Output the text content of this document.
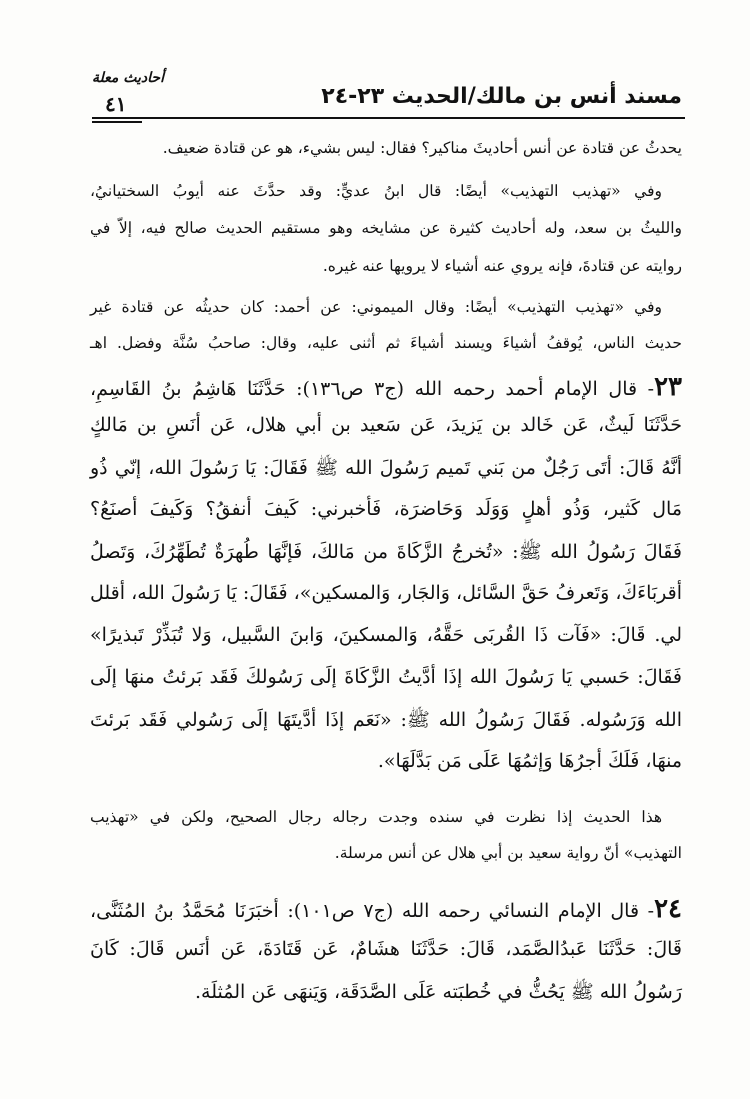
أحاديث معلة
٤١	مسند أنس بن مالك/الحديث ٢٣-٢٤
يحدثُ عن قتادة عن أنس أحاديثَ مناكير؟ فقال: ليس بشيء، هو عن قتادة ضعيف.
وفي «تهذيب التهذيب» أيضًا: قال ابنُ عديٍّ: وقد حدَّثَ عنه أيوبُ السختيانيُ،
والليثُ بن سعد، وله أحاديث كثيرة عن مشايخه وهو مستقيم الحديث صالح فيه، إلاّ في
روايته عن قتادةَ، فإنه يروي عنه أشياء لا يرويها عنه غيره.
وفي «تهذيب التهذيب» أيضًا: وقال الميموني: عن أحمد: كان حديثُه عن قتادة غير
حديث الناس، يُوقفُ أشياءَ ويسند أشياءَ ثم أثنى عليه، وقال: صاحبُ سُنَّة وفضل. اهـ
٢٣- قال الإمام أحمد رحمه الله (ج٣ ص١٣٦): حَدَّثَنَا هَاشِمُ بنُ القَاسِمِ،
حَدَّثَنَا لَيثٌ، عَن خَالد بن يَزيدَ، عَن سَعيد بن أبي هلال، عَن أنَسِ بن مَالكٍ
أنَّهُ قَالَ: أتَى رَجُلٌ من بَني تَميم رَسُولَ الله ﷺ فَقَالَ: يَا رَسُولَ الله، إنّي ذُو
مَال كَثير، وَذُو أهلٍ وَوَلَد وَحَاضرَة، فَأخبرني: كَيفَ أنفقُ؟ وَكَيفَ أصنَعُ؟
فَقَالَ رَسُولُ الله ﷺ: «تُخرجُ الزَّكَاةَ من مَالكَ، فَإنَّهَا طُهرَةٌ تُطَهِّرُكَ، وَتَصلُ
أقربَاءَكَ، وَتَعرفُ حَقَّ السَّائل، وَالجَار، وَالمسكين»، فَقَالَ: يَا رَسُولَ الله، أقلل
لي. قَالَ: «فَآت ذَا القُربَى حَقَّهُ، وَالمسكينَ، وَابنَ السَّبيل، وَلا تُبَذِّرْ تَبذيرًا»
فَقَالَ: حَسبي يَا رَسُولَ الله إذَا أدَّيتُ الزَّكَاةَ إلَى رَسُولكَ فَقَد بَرئتُ منهَا إلَى
الله وَرَسُوله. فَقَالَ رَسُولُ الله ﷺ: «نَعَم إذَا أدَّيتَهَا إلَى رَسُولي فَقَد بَرئتَ
منهَا، فَلَكَ أجرُهَا وَإثمُهَا عَلَى مَن بَدَّلَهَا».
هذا الحديث إذا نظرت في سنده وجدت رجاله رجال الصحيح، ولكن في «تهذيب
التهذيب» أنّ رواية سعيد بن أبي هلال عن أنس مرسلة.
٢٤- قال الإمام النسائي رحمه الله (ج٧ ص١٠١): أخبَرَنَا مُحَمَّدُ بنُ المُثَنَّى،
قَالَ: حَدَّثَنَا عَبدُالصَّمَد، قَالَ: حَدَّثَنَا هشَامٌ، عَن قَتَادَةَ، عَن أنَس قَالَ: كَانَ
رَسُولُ الله ﷺ يَحُثُّ في خُطبَته عَلَى الصَّدَقَة، وَيَنهَى عَن المُثلَة.
